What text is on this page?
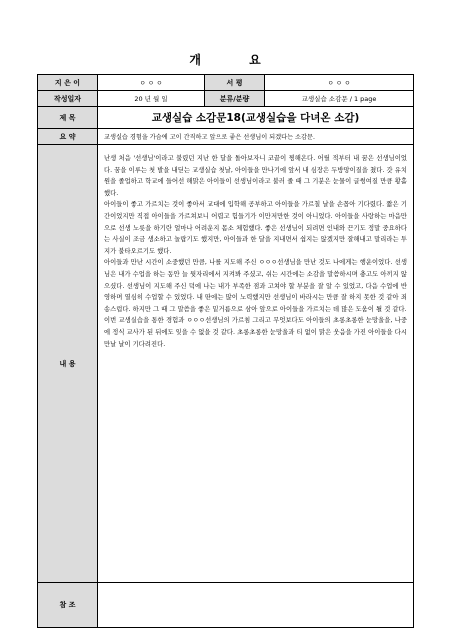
개 요
지 은 이	ㅇ ㅇ ㅇ	서 평	ㅇ ㅇ ㅇ
작성일자	20 년 월 일	분류/분량	교생실습 소감문 / 1 page
제 목	교생실습 소감문18(교생실습을 다녀온 소감)
요 약	교생실습 경험을 가슴에 고이 간직하고 앞으로 좋은 선생님이 되겠다는 소감문.
내 용

난생 처음 '선생님'이라고 불렸던 지난 한 달을 돌아보자니 코끝이 찡해온다. 어릴 적부터 내 꿈은 선생님이었다. 꿈을 이루는 첫 발을 내딛는 교생실습 첫날, 아이들을 만나기에 앞서 내 심장은 두방망이질을 쳤다. 갓 유치원을 졸업하고 학교에 들어선 해맑은 아이들이 선생님이라고 불러 줄 때 그 기분은 눈물이 글썽여질 만큼 황홀했다.

아이들이 좋고 가르치는 것이 좋아서 교대에 입학해 공부하고 아이들을 가르칠 날을 손꼽아 기다렸다. 짧은 기간이었지만 직접 아이들을 가르쳐보니 어렵고 힘들기가 이만저만한 것이 아니었다. 아이들을 사랑하는 마음만으로 선생 노릇을 하기란 얼마나 어려운지 몸소 체험했다. 좋은 선생님이 되려면 인내와 끈기도 정말 중요하다는 사실이 조금 생소하고 놀랍기도 했지만, 아이들과 한 달을 지내면서 쉽지는 않겠지만 잘해내고 말리라는 투지가 불타오르기도 했다.

아이들과 만난 시간이 소중했던 만큼, 나를 지도해 주신 ㅇㅇㅇ선생님을 만난 것도 나에게는 행운이었다. 선생님은 내가 수업을 하는 동안 늘 뒷자리에서 지켜봐 주셨고, 쉬는 시간에는 소감을 말씀하시며 충고도 아끼지 않으셨다. 선생님이 지도해 주신 덕에 나는 내가 부족한 점과 고쳐야 할 부분을 잘 알 수 있었고, 다음 수업에 반영하며 열심히 수업할 수 있었다. 내 딴에는 많이 노력했지만 선생님이 바라시는 만큼 잘 하지 못한 것 같아 죄송스럽다. 하지만 그 때 그 말씀을 좋은 밑거름으로 삼아 앞으로 아이들을 가르치는 데 많은 도움이 될 것 같다.

이번 교생실습을 통한 경험과 ㅇㅇㅇ선생님의 가르침 그리고 무엇보다도 아이들의 초롱초롱한 눈망울을, 나중에 정식 교사가 된 뒤에도 잊을 수 없을 것 같다. 초롱초롱한 눈망울과 티 없이 맑은 웃음을 가진 아이들을 다시 만날 날이 기다려진다.

참 조
